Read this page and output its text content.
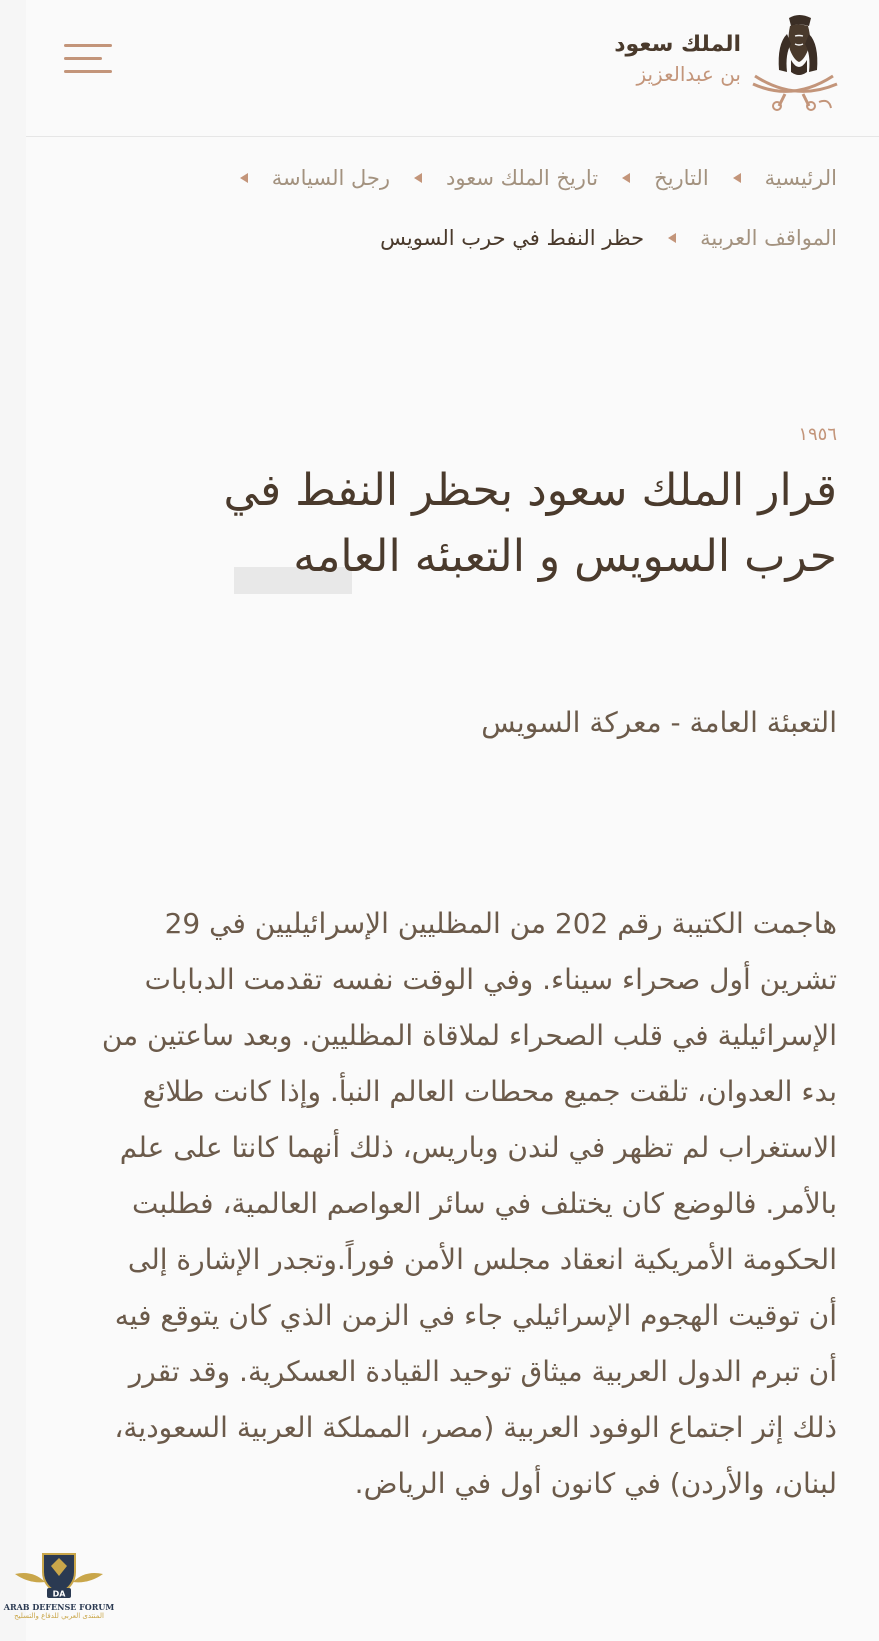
الملك سعود
بن عبدالعزيز
الرئيسية
التاريخ
تاريخ الملك سعود
رجل السياسة
المواقف العربية
حظر النفط في حرب السويس
١٩٥٦
قرار الملك سعود بحظر النفط في حرب السويس و التعبئه العامه
التعبئة العامة - معركة السويس

هاجمت الكتيبة رقم 202 من المظليين الإسرائيليين في 29 تشرين أول صحراء سيناء. وفي الوقت نفسه تقدمت الدبابات الإسرائيلية في قلب الصحراء لملاقاة المظليين. وبعد ساعتين من بدء العدوان، تلقت جميع محطات العالم النبأ. وإذا كانت طلائع الاستغراب لم تظهر في لندن وباريس، ذلك أنهما كانتا على علم بالأمر. فالوضع كان يختلف في سائر العواصم العالمية، فطلبت الحكومة الأمريكية انعقاد مجلس الأمن فوراً.وتجدر الإشارة إلى أن توقيت الهجوم الإسرائيلي جاء في الزمن الذي كان يتوقع فيه أن تبرم الدول العربية ميثاق توحيد القيادة العسكرية. وقد تقرر ذلك إثر اجتماع الوفود العربية (مصر، المملكة العربية السعودية، لبنان، والأردن) في كانون أول في الرياض.

DA
ARAB DEFENSE FORUM
المنتدى العربي للدفاع والتسليح
